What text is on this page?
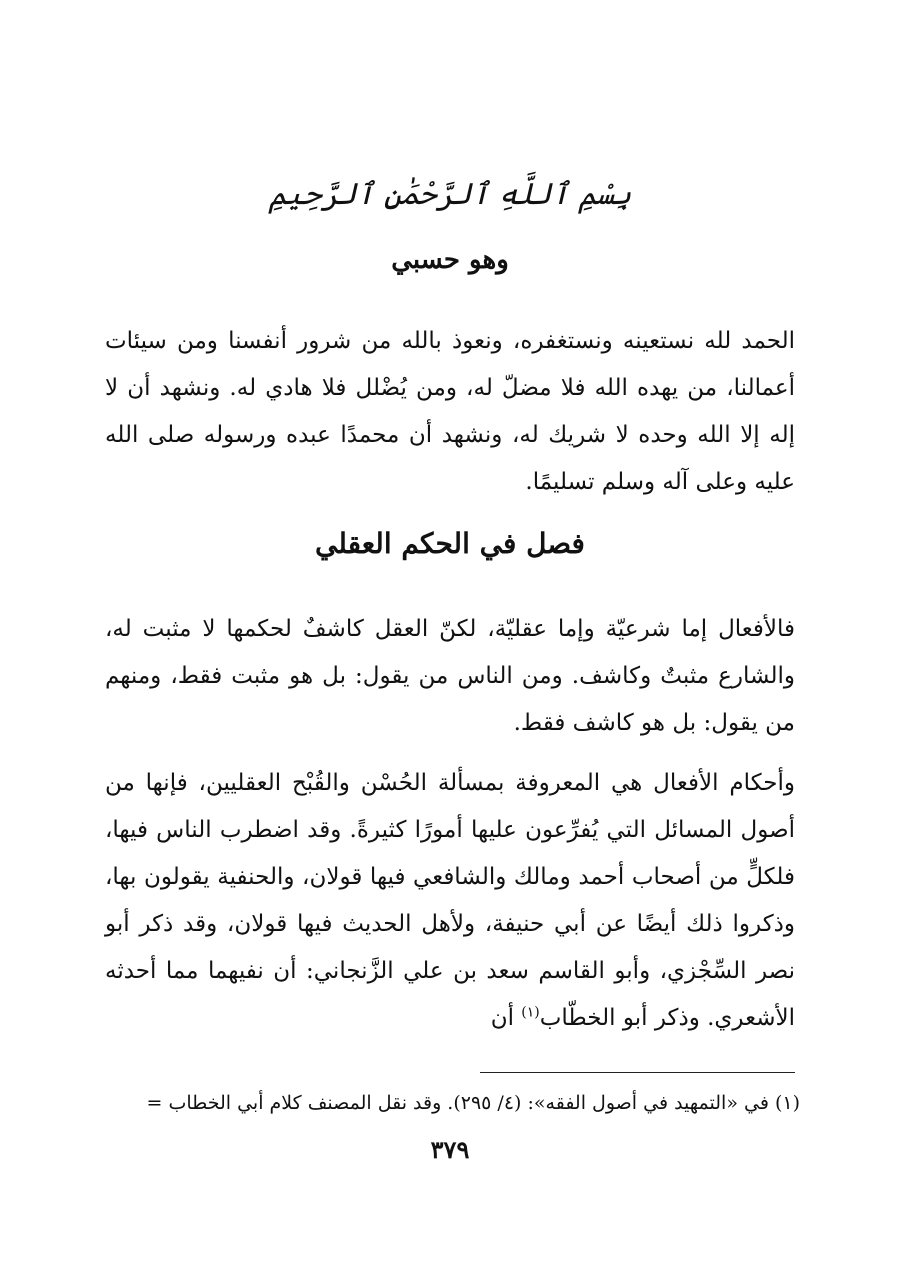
بِسْمِ ٱللَّهِ ٱلرَّحْمَٰنِ ٱلرَّحِيمِ
وهو حسبي

الحمد لله نستعينه ونستغفره، ونعوذ بالله من شرور أنفسنا ومن سيئات أعمالنا، من يهده الله فلا مضلّ له، ومن يُضْلل فلا هادي له. ونشهد أن لا إله إلا الله وحده لا شريك له، ونشهد أن محمدًا عبده ورسوله صلى الله عليه وعلى آله وسلم تسليمًا.

فصل في الحكم العقلي

فالأفعال إما شرعيّة وإما عقليّة، لكنّ العقل كاشفٌ لحكمها لا مثبت له، والشارع مثبتٌ وكاشف. ومن الناس من يقول: بل هو مثبت فقط، ومنهم من يقول: بل هو كاشف فقط.

وأحكام الأفعال هي المعروفة بمسألة الحُسْن والقُبْح العقليين، فإنها من أصول المسائل التي يُفرِّعون عليها أمورًا كثيرةً. وقد اضطرب الناس فيها، فلكلٍّ من أصحاب أحمد ومالك والشافعي فيها قولان، والحنفية يقولون بها، وذكروا ذلك أيضًا عن أبي حنيفة، ولأهل الحديث فيها قولان، وقد ذكر أبو نصر السِّجْزي، وأبو القاسم سعد بن علي الزَّنجاني: أن نفيهما مما أحدثه الأشعري. وذكر أبو الخطّاب$^{(١)}$ أن

(١) في «التمهيد في أصول الفقه»: (٤/ ٢٩٥). وقد نقل المصنف كلام أبي الخطاب =
٣٧٩
